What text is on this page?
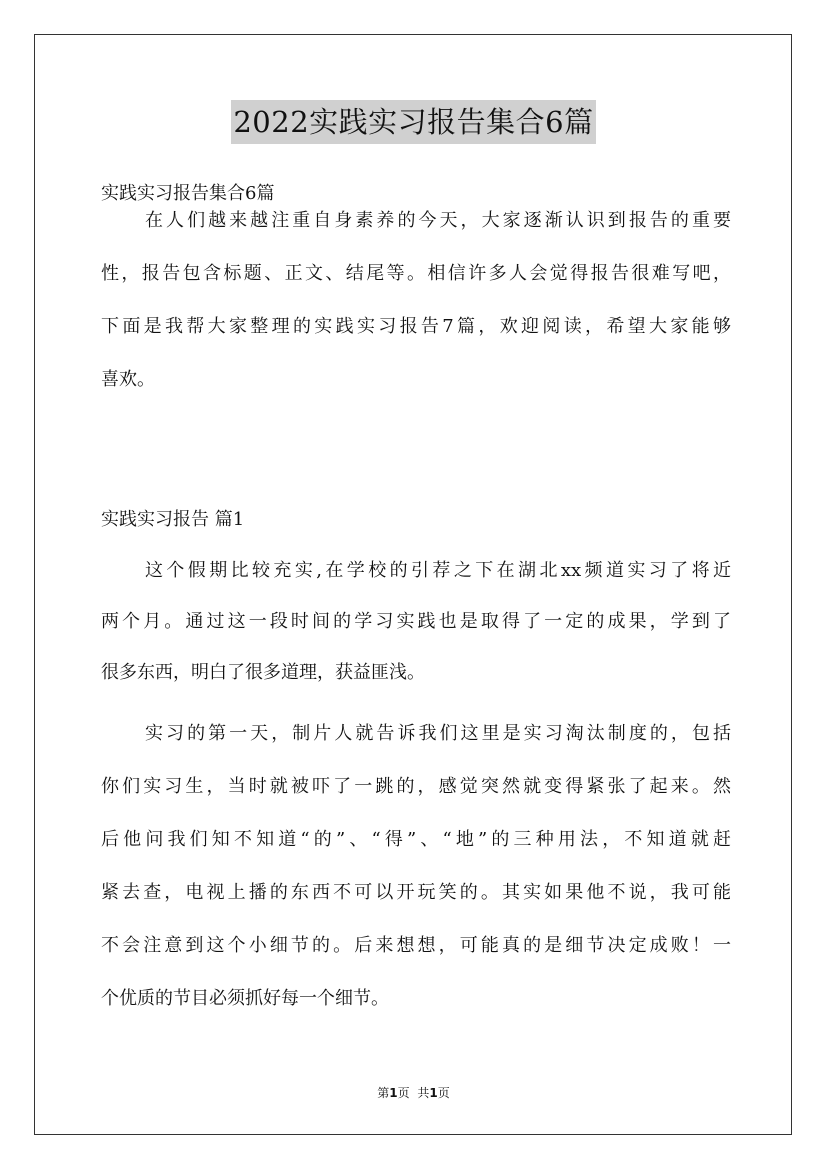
2022实践实习报告集合6篇
实践实习报告集合6篇
在人们越来越注重自身素养的今天，大家逐渐认识到报告的重要
性，报告包含标题、正文、结尾等。相信许多人会觉得报告很难写吧，
下面是我帮大家整理的实践实习报告7篇，欢迎阅读，希望大家能够
喜欢。
实践实习报告 篇1
这个假期比较充实,在学校的引荐之下在湖北xx频道实习了将近
两个月。通过这一段时间的学习实践也是取得了一定的成果，学到了
很多东西，明白了很多道理，获益匪浅。
实习的第一天，制片人就告诉我们这里是实习淘汰制度的，包括
你们实习生，当时就被吓了一跳的，感觉突然就变得紧张了起来。然
后他问我们知不知道“的”、“得”、“地”的三种用法，不知道就赶
紧去查，电视上播的东西不可以开玩笑的。其实如果他不说，我可能
不会注意到这个小细节的。后来想想，可能真的是细节决定成败！一
个优质的节目必须抓好每一个细节。
第1页 共1页
